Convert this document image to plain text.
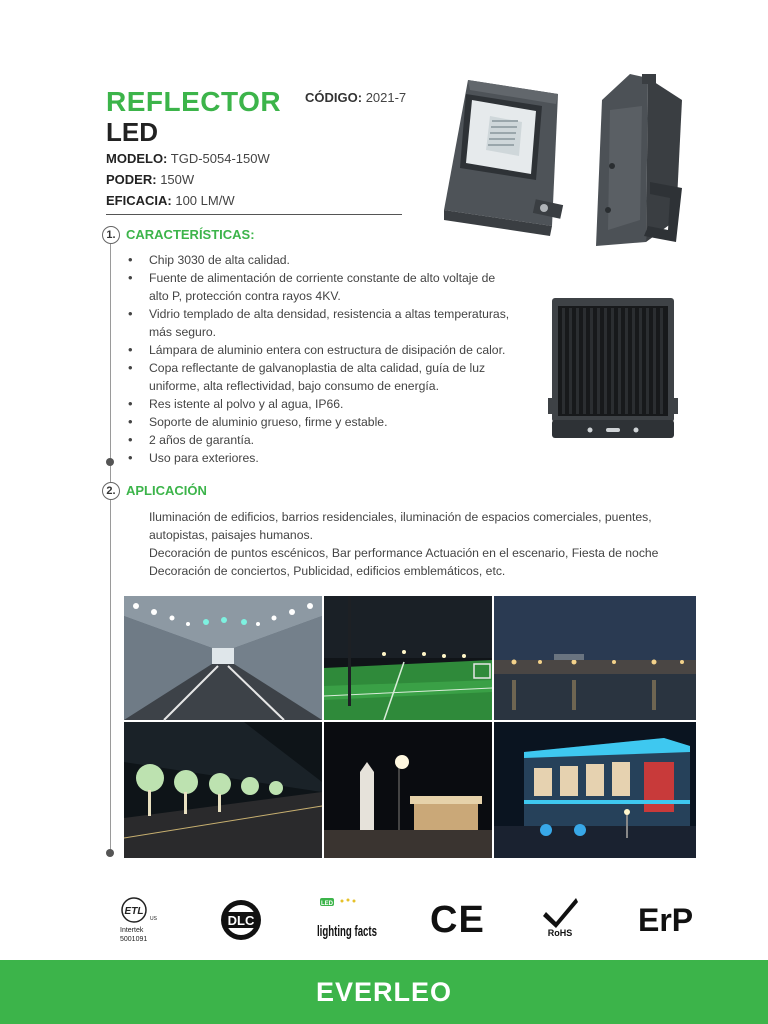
REFLECTOR
LED
CÓDIGO: 2021-7
MODELO: TGD-5054-150W
PODER: 150W
EFICACIA: 100 LM/W
1. CARACTERÍSTICAS:
• Chip 3030 de alta calidad.
• Fuente de alimentación de corriente constante de alto voltaje de alto P, protección contra rayos 4KV.
• Vidrio templado de alta densidad, resistencia a altas temperaturas, más seguro.
• Lámpara de aluminio entera con estructura de disipación de calor.
• Copa reflectante de galvanoplastia de alta calidad, guía de luz uniforme, alta reflectividad, bajo consumo de energía.
• Res istente al polvo y al agua, IP66.
• Soporte de aluminio grueso, firme y estable.
• 2 años de garantía.
• Uso para exteriores.
2. APLICACIÓN

Iluminación de edificios, barrios residenciales, iluminación de espacios comerciales, puentes, autopistas, paisajes humanos.

Decoración de puntos escénicos, Bar performance Actuación en el escenario, Fiesta de noche

Decoración de conciertos, Publicidad, edificios emblemáticos, etc.

ETL
US
Intertek
5001091
DLC
LED
lighting facts CE	RoHS ErP
EVERLEO
